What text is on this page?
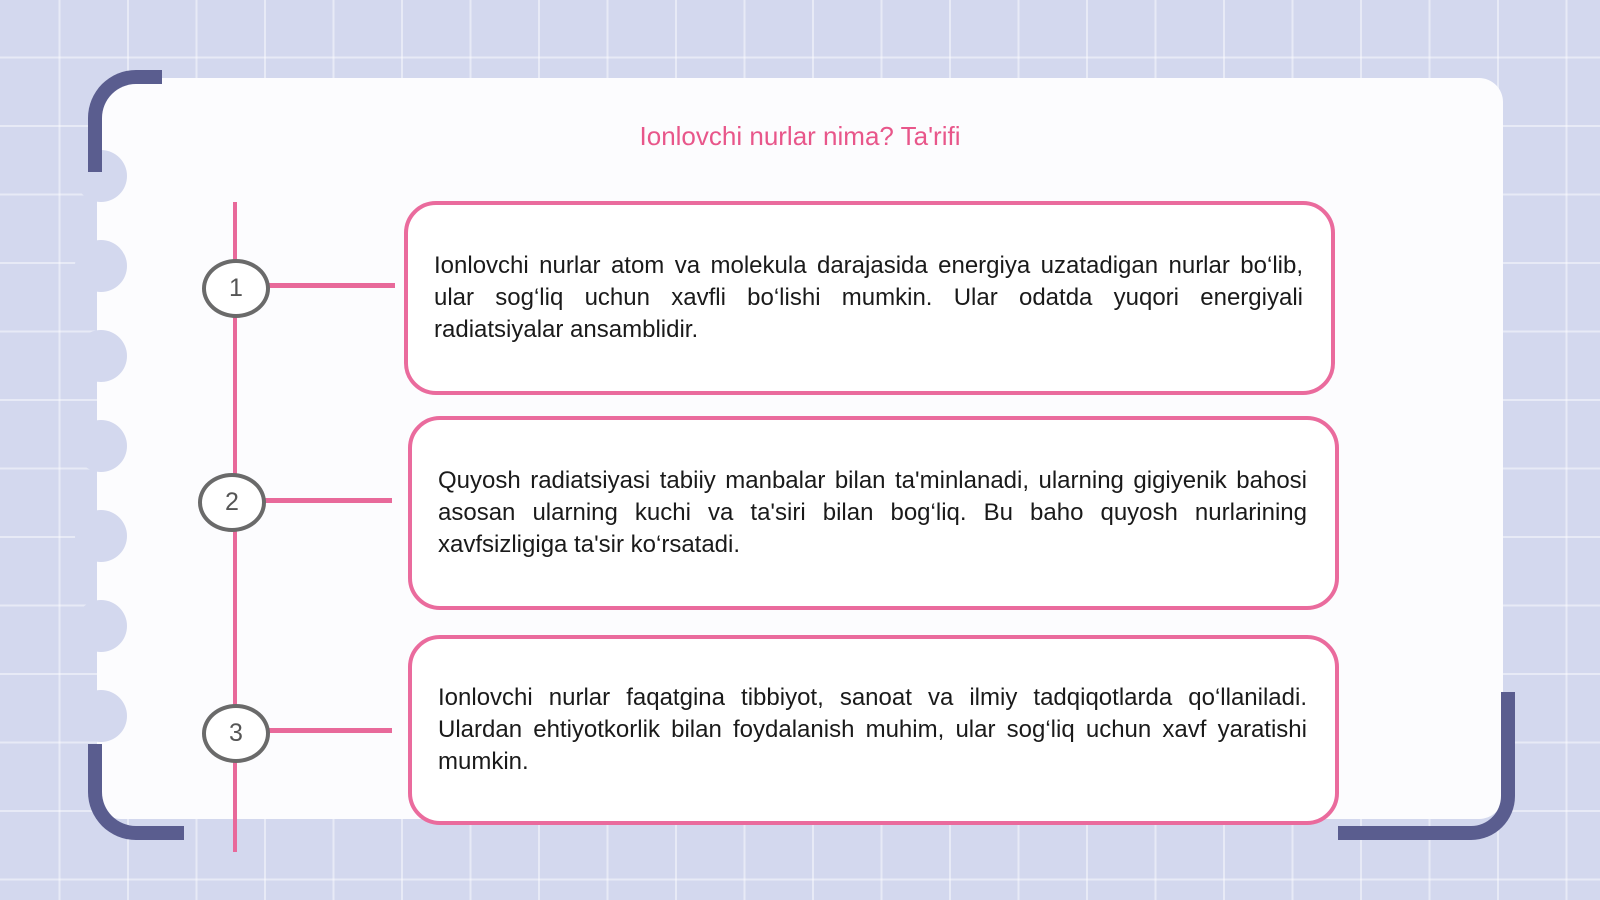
Ionlovchi nurlar nima? Ta'rifi
1
2
3

Ionlovchi nurlar atom va molekula darajasida energiya uzatadigan nurlar bo‘lib, ular sog‘liq uchun xavfli bo‘lishi mumkin. Ular odatda yuqori energiyali radiatsiyalar ansamblidir.

Quyosh radiatsiyasi tabiiy manbalar bilan ta'minlanadi, ularning gigiyenik bahosi asosan ularning kuchi va ta'siri bilan bog‘liq. Bu baho quyosh nurlarining xavfsizligiga ta'sir ko‘rsatadi.

Ionlovchi nurlar faqatgina tibbiyot, sanoat va ilmiy tadqiqotlarda qo‘llaniladi. Ulardan ehtiyotkorlik bilan foydalanish muhim, ular sog‘liq uchun xavf yaratishi mumkin.
